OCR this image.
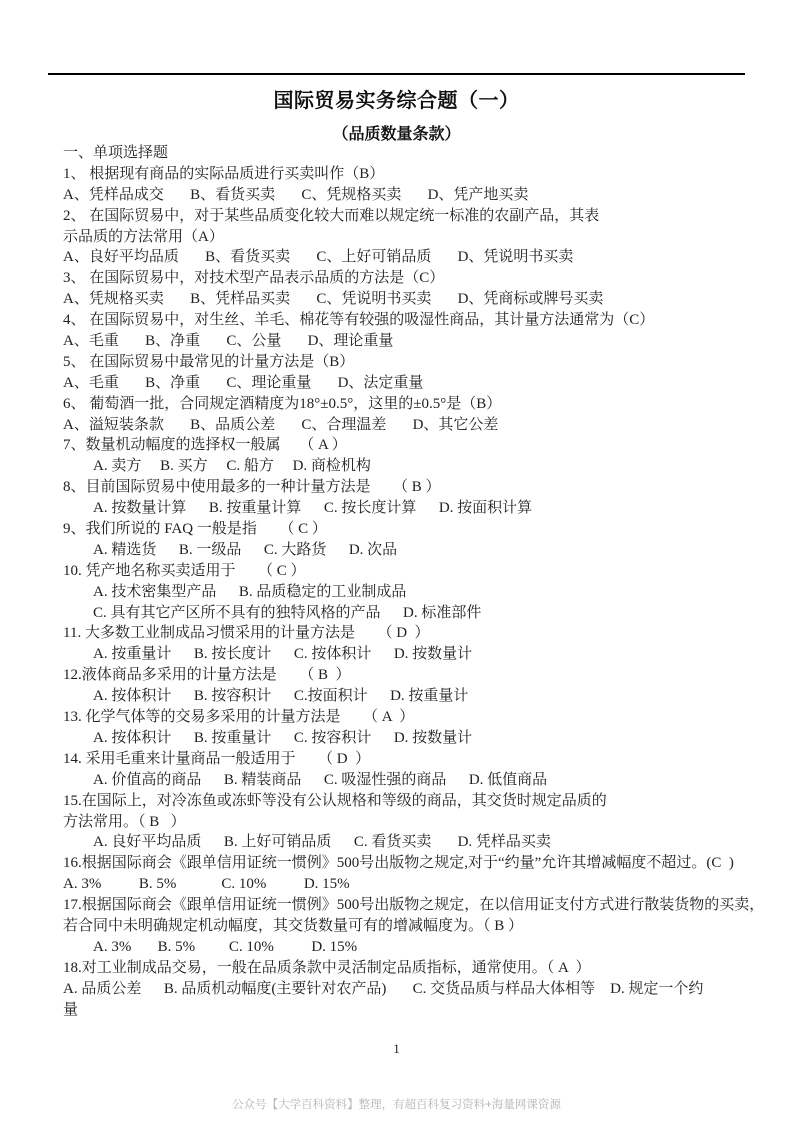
国际贸易实务综合题（一）
（品质数量条款）
一、单项选择题
1、 根据现有商品的实际品质进行买卖叫作（B）
A、凭样品成交       B、看货买卖       C、凭规格买卖       D、凭产地买卖
2、 在国际贸易中，对于某些品质变化较大而难以规定统一标准的农副产品，其表
示品质的方法常用（A）
A、良好平均品质       B、看货买卖       C、上好可销品质       D、凭说明书买卖
3、 在国际贸易中，对技术型产品表示品质的方法是（C）
A、凭规格买卖       B、凭样品买卖       C、凭说明书买卖       D、凭商标或牌号买卖
4、 在国际贸易中，对生丝、羊毛、棉花等有较强的吸湿性商品，其计量方法通常为（C）
A、毛重       B、净重       C、公量       D、理论重量
5、 在国际贸易中最常见的计量方法是（B）
A、毛重       B、净重       C、理论重量       D、法定重量
6、 葡萄酒一批，合同规定酒精度为18°±0.5°，这里的±0.5°是（B）
A、溢短装条款       B、品质公差       C、合理温差       D、其它公差
7、数量机动幅度的选择权一般属     （ A ）
A. 卖方     B. 买方     C. 船方     D. 商检机构
8、目前国际贸易中使用最多的一种计量方法是      （ B ）
A. 按数量计算      B. 按重量计算      C. 按长度计算      D. 按面积计算
9、我们所说的 FAQ 一般是指      （ C ）
A. 精选货      B. 一级品      C. 大路货      D. 次品
10. 凭产地名称买卖适用于      （ C ）
A. 技术密集型产品      B. 品质稳定的工业制成品
C. 具有其它产区所不具有的独特风格的产品      D. 标准部件
11. 大多数工业制成品习惯采用的计量方法是      （ D  ）
A. 按重量计      B. 按长度计      C. 按体积计      D. 按数量计
12.液体商品多采用的计量方法是      （ B  ）
A. 按体积计      B. 按容积计      C.按面积计      D. 按重量计
13. 化学气体等的交易多采用的计量方法是      （ A  ）
A. 按体积计      B. 按重量计      C. 按容积计      D. 按数量计
14. 采用毛重来计量商品一般适用于      （ D  ）
A. 价值高的商品      B. 精装商品      C. 吸湿性强的商品      D. 低值商品
15.在国际上，对冷冻鱼或冻虾等没有公认规格和等级的商品，其交货时规定品质的
方法常用。（ B   ）
A. 良好平均品质      B. 上好可销品质      C. 看货买卖       D. 凭样品买卖
16.根据国际商会《跟单信用证统一惯例》500号出版物之规定,对于“约量”允许其增减幅度不超过。(C  )
A. 3%          B. 5%            C. 10%          D. 15%
17.根据国际商会《跟单信用证统一惯例》500号出版物之规定，在以信用证支付方式进行散装货物的买卖，
若合同中未明确规定机动幅度，其交货数量可有的增减幅度为。（ B ）
A. 3%       B. 5%         C. 10%          D. 15%
18.对工业制成品交易，一般在品质条款中灵活制定品质指标，通常使用。（ A  ）
A. 品质公差      B. 品质机动幅度(主要针对农产品)       C. 交货品质与样品大体相等    D. 规定一个约
量
1
公众号【大学百科资料】整理，有超百科复习资料+海量网课资源
